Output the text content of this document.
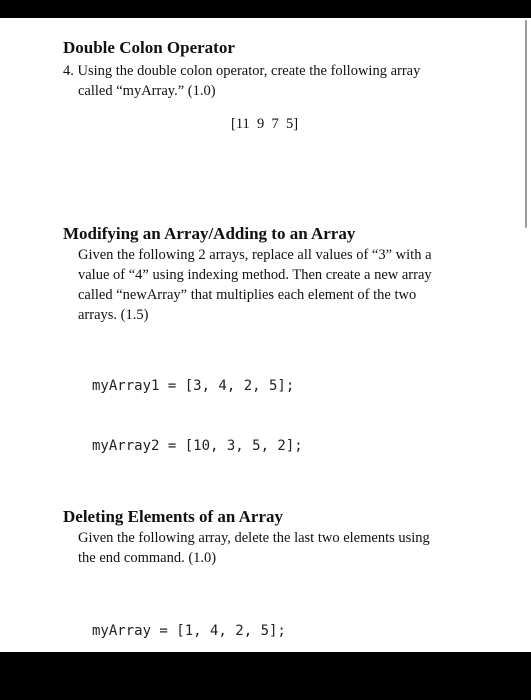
Double Colon Operator
4. Using the double colon operator, create the following array
called “myArray.” (1.0)
[11  9  7  5]
Modifying an Array/Adding to an Array
Given the following 2 arrays, replace all values of “3” with a
value of “4” using indexing method. Then create a new array
called “newArray” that multiplies each element of the two
arrays. (1.5)

myArray1 = [3, 4, 2, 5];

myArray2 = [10, 3, 5, 2];

Deleting Elements of an Array
Given the following array, delete the last two elements using
the end command. (1.0)

myArray = [1, 4, 2, 5];
